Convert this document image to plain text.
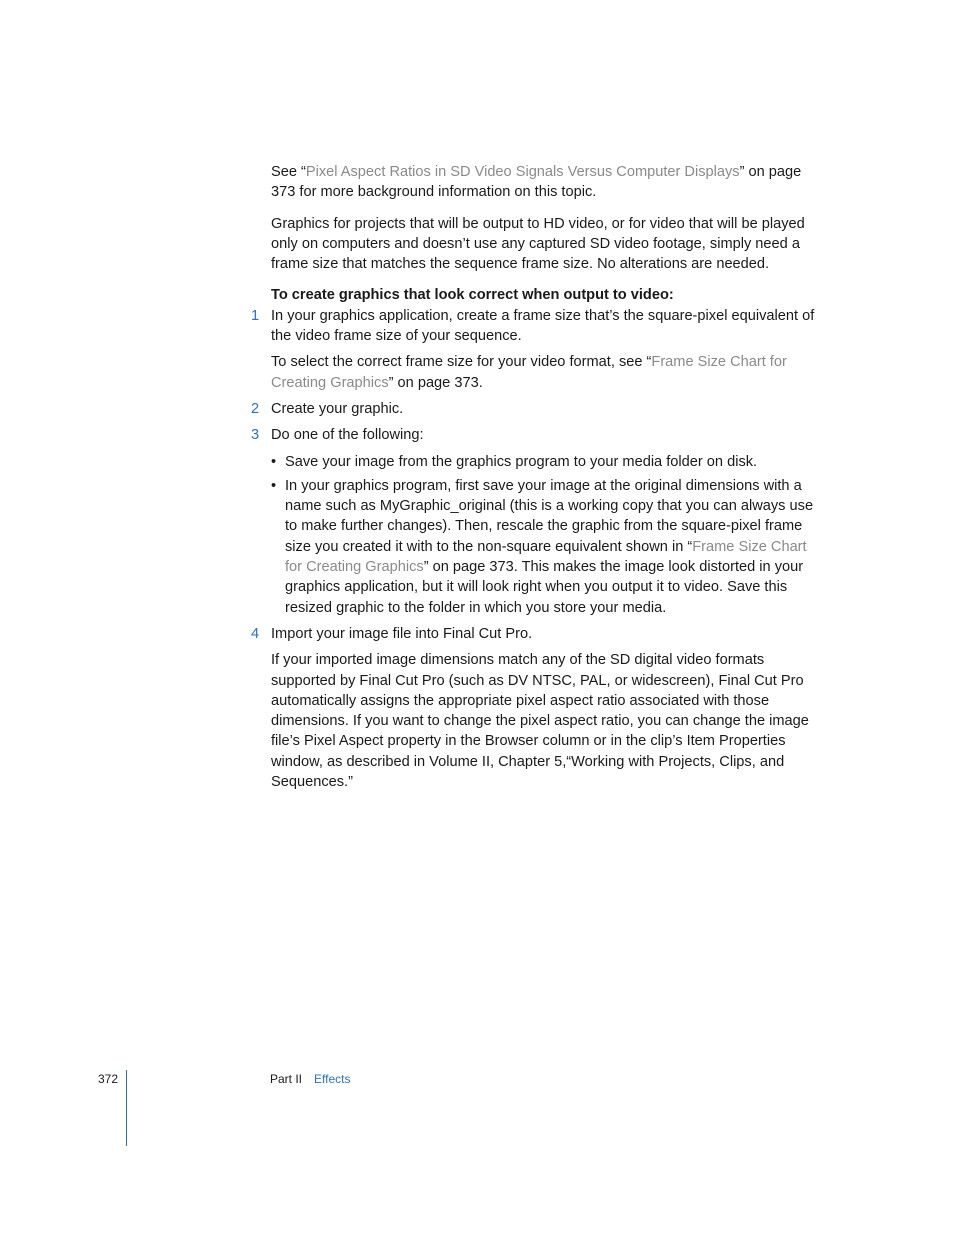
See “Pixel Aspect Ratios in SD Video Signals Versus Computer Displays” on page 373 for more background information on this topic.

Graphics for projects that will be output to HD video, or for video that will be played only on computers and doesn’t use any captured SD video footage, simply need a frame size that matches the sequence frame size. No alterations are needed.

To create graphics that look correct when output to video:

1 In your graphics application, create a frame size that’s the square-pixel equivalent of the video frame size of your sequence.

To select the correct frame size for your video format, see “Frame Size Chart for Creating Graphics” on page 373.

2 Create your graphic.

3 Do one of the following:

• Save your image from the graphics program to your media folder on disk.
• In your graphics program, first save your image at the original dimensions with a name such as MyGraphic_original (this is a working copy that you can always use to make further changes). Then, rescale the graphic from the square-pixel frame size you created it with to the non-square equivalent shown in “Frame Size Chart for Creating Graphics” on page 373. This makes the image look distorted in your graphics application, but it will look right when you output it to video. Save this resized graphic to the folder in which you store your media.
4 Import your image file into Final Cut Pro.

If your imported image dimensions match any of the SD digital video formats supported by Final Cut Pro (such as DV NTSC, PAL, or widescreen), Final Cut Pro automatically assigns the appropriate pixel aspect ratio associated with those dimensions. If you want to change the pixel aspect ratio, you can change the image file’s Pixel Aspect property in the Browser column or in the clip’s Item Properties window, as described in Volume II, Chapter 5,“Working with Projects, Clips, and Sequences.”

372	Part II Effects
